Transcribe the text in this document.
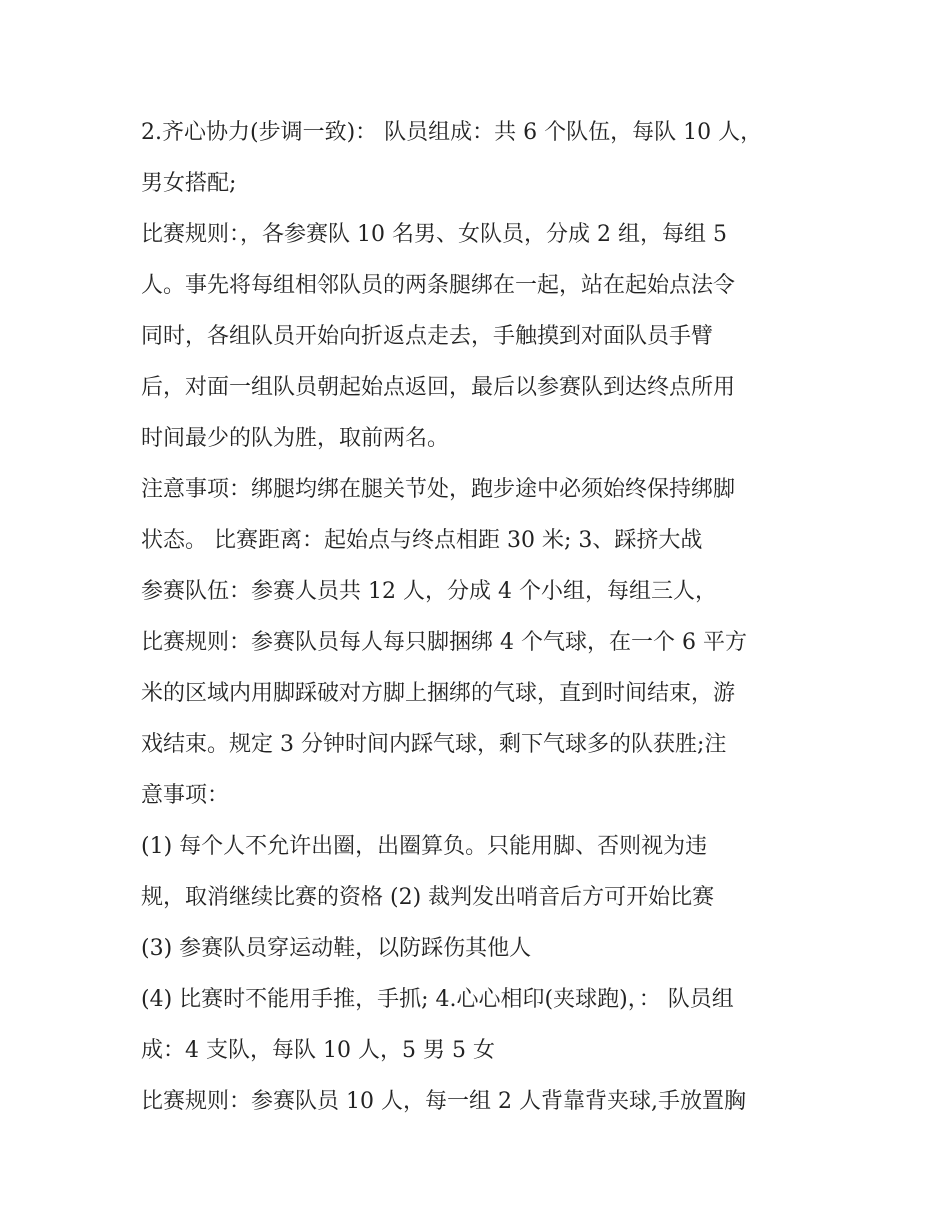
2.齐心协力(步调一致)： 队员组成：共 6 个队伍，每队 10 人，
男女搭配;
比赛规则：，各参赛队 10 名男、女队员，分成 2 组，每组 5
人。事先将每组相邻队员的两条腿绑在一起，站在起始点法令
同时，各组队员开始向折返点走去，手触摸到对面队员手臂
后，对面一组队员朝起始点返回，最后以参赛队到达终点所用
时间最少的队为胜，取前两名。
注意事项：绑腿均绑在腿关节处，跑步途中必须始终保持绑脚
状态。 比赛距离：起始点与终点相距 30 米; 3、踩挤大战
参赛队伍：参赛人员共 12 人，分成 4 个小组，每组三人，
比赛规则：参赛队员每人每只脚捆绑 4 个气球，在一个 6 平方
米的区域内用脚踩破对方脚上捆绑的气球，直到时间结束，游
戏结束。规定 3 分钟时间内踩气球，剩下气球多的队获胜;注
意事项：
(1) 每个人不允许出圈，出圈算负。只能用脚、否则视为违
规，取消继续比赛的资格 (2) 裁判发出哨音后方可开始比赛
(3) 参赛队员穿运动鞋，以防踩伤其他人
(4) 比赛时不能用手推，手抓; 4.心心相印(夹球跑)，： 队员组
成：4 支队，每队 10 人，5 男 5 女
比赛规则：参赛队员 10 人，每一组 2 人背靠背夹球,手放置胸
